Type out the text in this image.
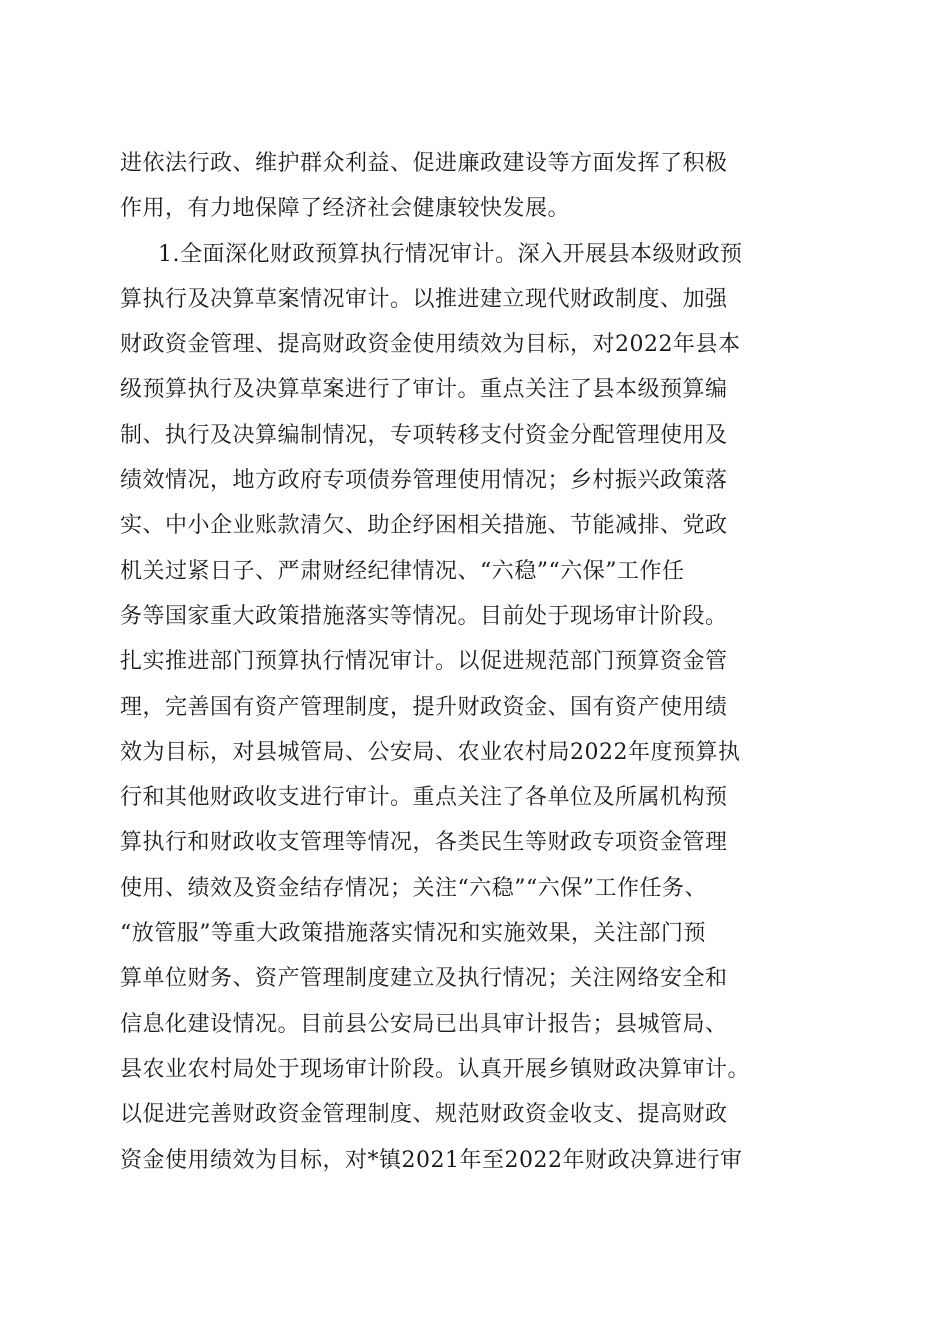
进依法行政、维护群众利益、促进廉政建设等方面发挥了积极
作用，有力地保障了经济社会健康较快发展。
1.全面深化财政预算执行情况审计。深入开展县本级财政预
算执行及决算草案情况审计。以推进建立现代财政制度、加强
财政资金管理、提高财政资金使用绩效为目标，对2022年县本
级预算执行及决算草案进行了审计。重点关注了县本级预算编
制、执行及决算编制情况，专项转移支付资金分配管理使用及
绩效情况，地方政府专项债券管理使用情况；乡村振兴政策落
实、中小企业账款清欠、助企纾困相关措施、节能减排、党政
机关过紧日子、严肃财经纪律情况、“六稳”“六保”工作任
务等国家重大政策措施落实等情况。目前处于现场审计阶段。
扎实推进部门预算执行情况审计。以促进规范部门预算资金管
理，完善国有资产管理制度，提升财政资金、国有资产使用绩
效为目标，对县城管局、公安局、农业农村局2022年度预算执
行和其他财政收支进行审计。重点关注了各单位及所属机构预
算执行和财政收支管理等情况，各类民生等财政专项资金管理
使用、绩效及资金结存情况；关注“六稳”“六保”工作任务、
“放管服”等重大政策措施落实情况和实施效果，关注部门预
算单位财务、资产管理制度建立及执行情况；关注网络安全和
信息化建设情况。目前县公安局已出具审计报告；县城管局、
县农业农村局处于现场审计阶段。认真开展乡镇财政决算审计。
以促进完善财政资金管理制度、规范财政资金收支、提高财政
资金使用绩效为目标，对*镇2021年至2022年财政决算进行审
